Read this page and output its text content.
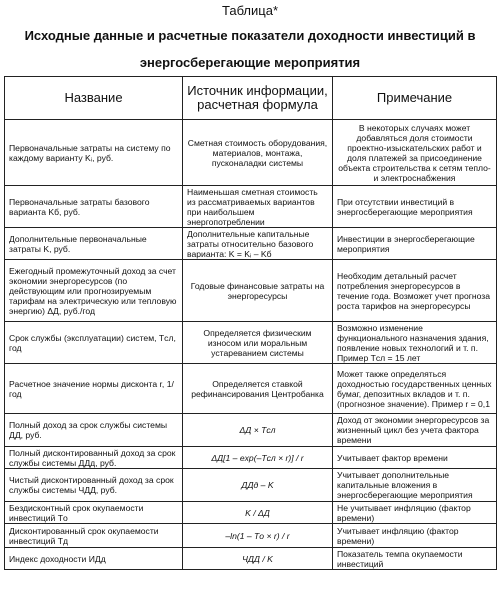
Таблица*
Исходные данные и расчетные показатели доходности инвестиций в
энергосберегающие мероприятия
Название	Источник информации, расчетная формула	Примечание
Первоначальные затраты на систему по каждому варианту Kᵢ, руб.	Сметная стоимость оборудования, материалов, монтажа, пусконаладки системы	В некоторых случаях может добавляться доля стоимости проектно-изыскательских работ и доля платежей за присоединение объекта строительства к сетям тепло- и электроснабжения
Первоначальные затраты базового варианта Kб, руб.	Наименьшая сметная стоимость из рассматриваемых вариантов при наибольшем энергопотреблении	При отсутствии инвестиций в энергосберегающие мероприятия
Дополнительные первоначальные затраты K, руб.	Дополнительные капитальные затраты относительно базового варианта: K = Kᵢ – Kб	Инвестиции в энергосберегающие мероприятия
Ежегодный промежуточный доход за счет экономии энергоресурсов (по действующим или прогнозируемым тарифам на электрическую или тепловую энергию) ΔД, руб./год	Годовые финансовые затраты на энергоресурсы	Необходим детальный расчет потребления энергоресурсов в течение года. Возможет учет прогноза роста тарифов на энергоресурсы
Срок службы (эксплуатации) систем, Tсл, год	Определяется физическим износом или моральным устареванием системы	Возможно изменение функционального назначения здания, появление новых технологий и т. п. Пример Tсл = 15 лет
Расчетное значение нормы дисконта r, 1/год	Определяется ставкой рефинансирования Центробанка	Может также определяться доходностью государственных ценных бумаг, депозитных вкладов и т. п. (прогнозное значение). Пример r = 0,1
Полный доход за срок службы системы ДД, руб.	ΔД × Tсл	Доход от экономии энергоресурсов за жизненный цикл без учета фактора времени
Полный дисконтированный доход за срок службы системы ДДд, руб.	ΔД[1 – exp(–Tсл × r)] / r	Учитывает фактор времени
Чистый дисконтированный доход за срок службы системы ЧДД, руб.	ДДд – K	Учитывает дополнительные капитальные вложения в энергосберегающие мероприятия
Бездисконтный срок окупаемости инвестиций Tо	K / ΔД	Не учитывает инфляцию (фактор времени)
Дисконтированный срок окупаемости инвестиций Tд	–ln(1 – Tо × r) / r	Учитывает инфляцию (фактор времени)
Индекс доходности ИДд	ЧДД / K	Показатель темпа окупаемости инвестиций
